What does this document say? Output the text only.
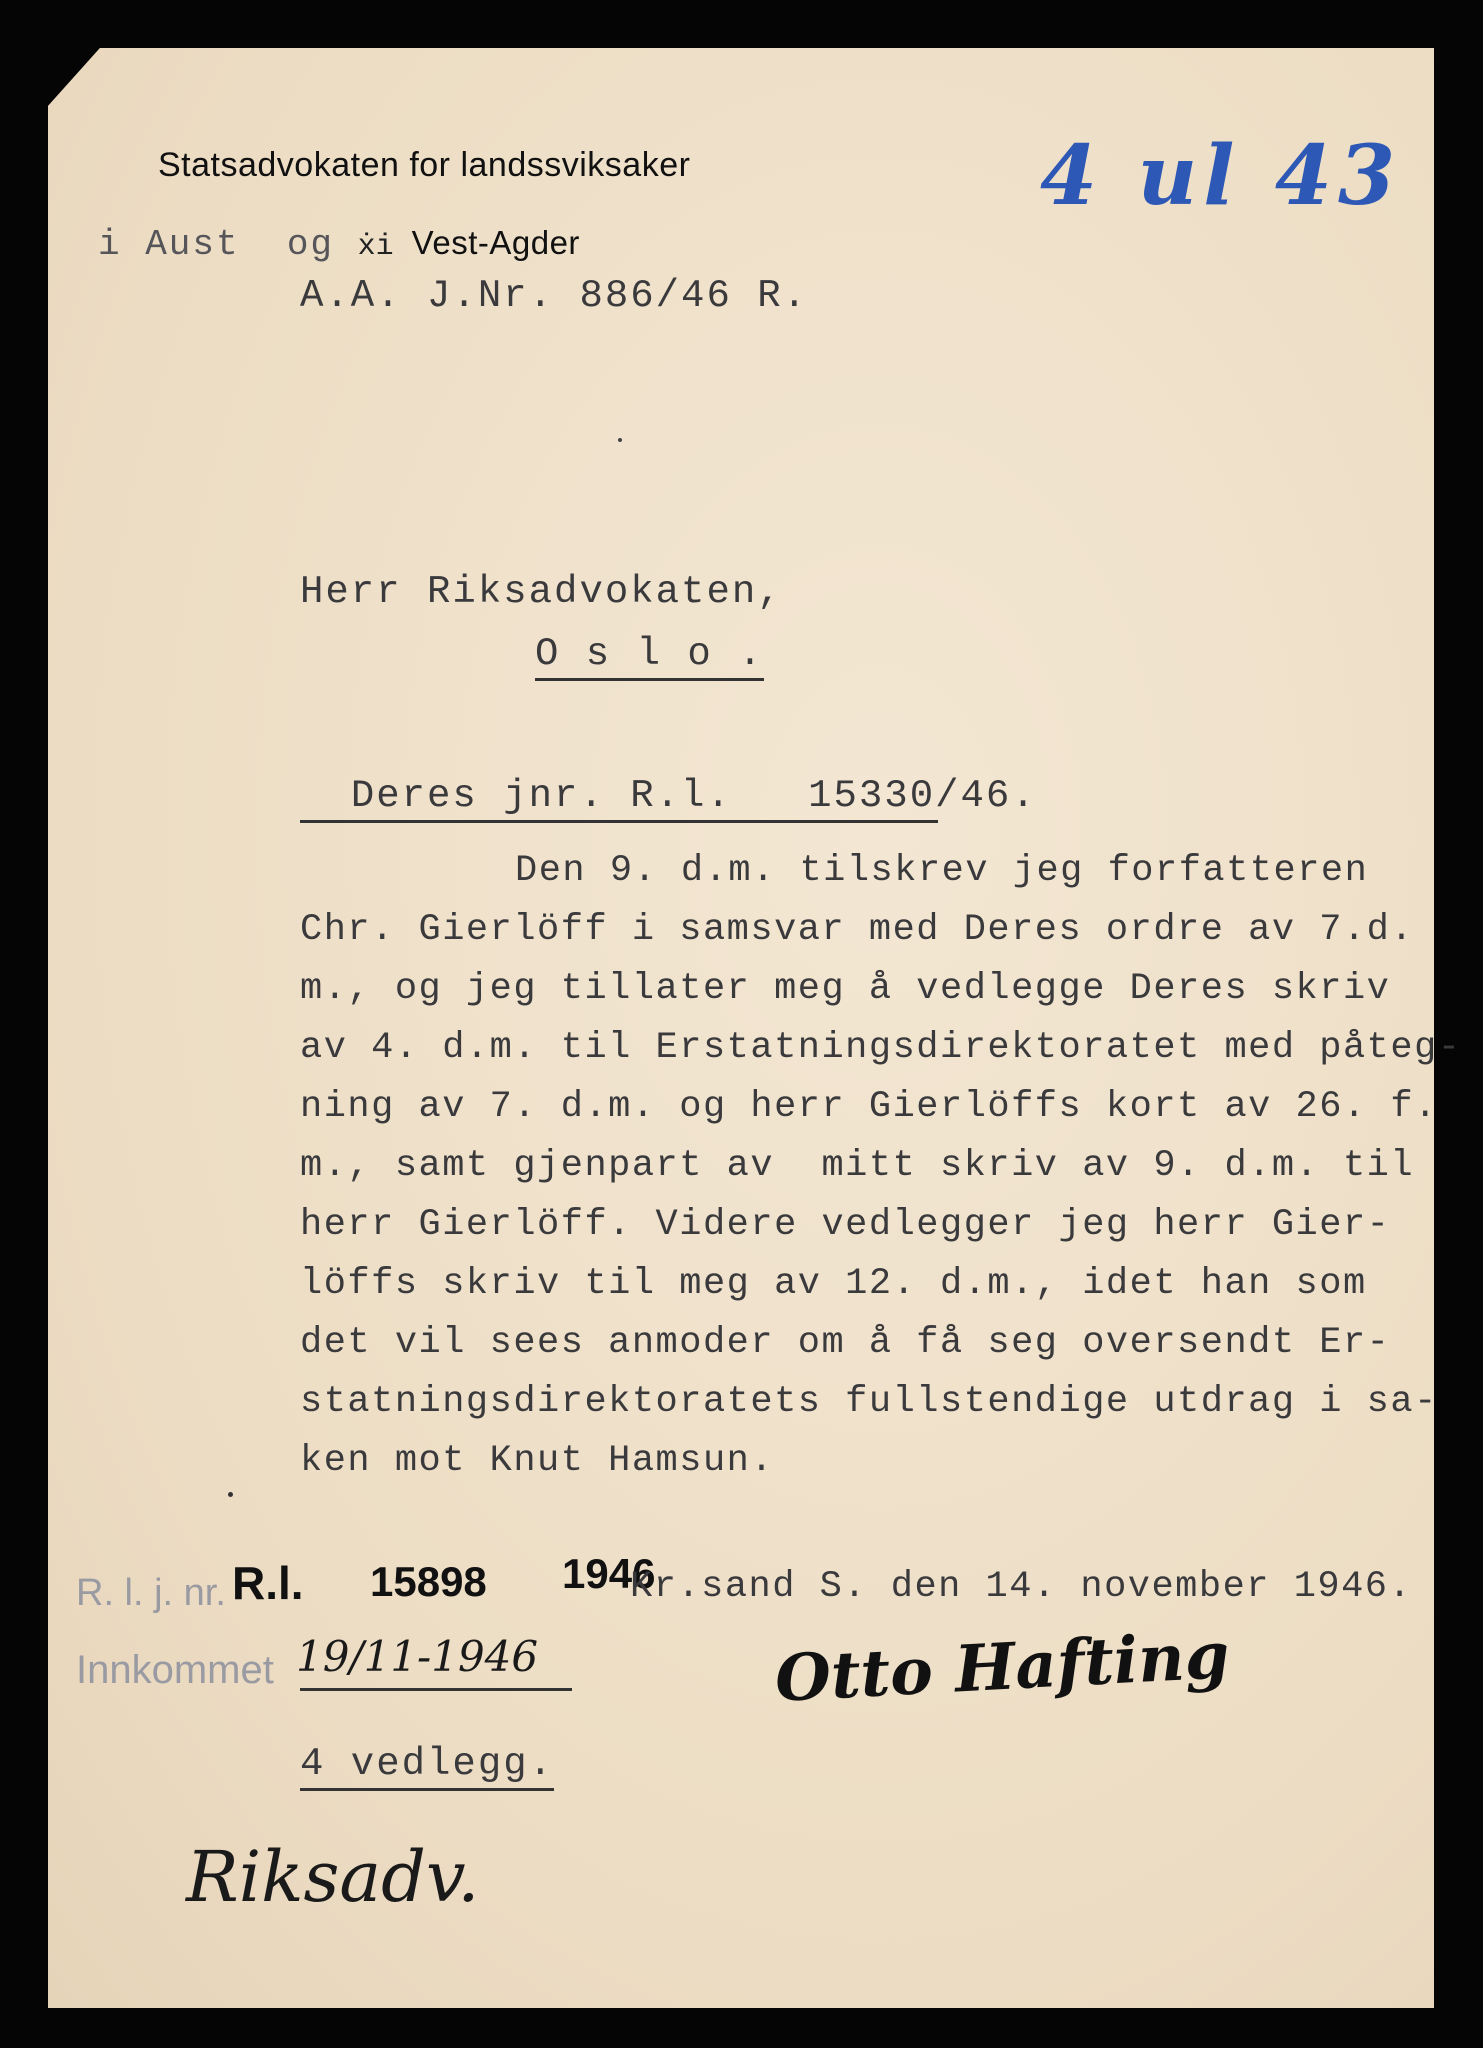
Statsadvokaten for landssviksaker

i Aust  og ẋi Vest-Agder

A.A. J.Nr. 886/46 R.
4 ul 43
Herr Riksadvokaten,
O s l o .

Deres jnr. R.l. 15330/46.

Den 9. d.m. tilskrev jeg forfatteren
Chr. Gierlöff i samsvar med Deres ordre av 7.d.
m., og jeg tillater meg å vedlegge Deres skriv
av 4. d.m. til Erstatningsdirektoratet med påteg-
ning av 7. d.m. og herr Gierlöffs kort av 26. f.
m., samt gjenpart av  mitt skriv av 9. d.m. til
herr Gierlöff. Videre vedlegger jeg herr Gier-
löffs skriv til meg av 12. d.m., idet han som
det vil sees anmoder om å få seg oversendt Er-
statningsdirektoratets fullstendige utdrag i sa-
ken mot Knut Hamsun.
R. l. j. nr. R.l. 15898 1946
Innkommet 19/11-1946
Kr.sand S. den 14. november 1946.
Otto Hafting
4 vedlegg.
Riksadv.
